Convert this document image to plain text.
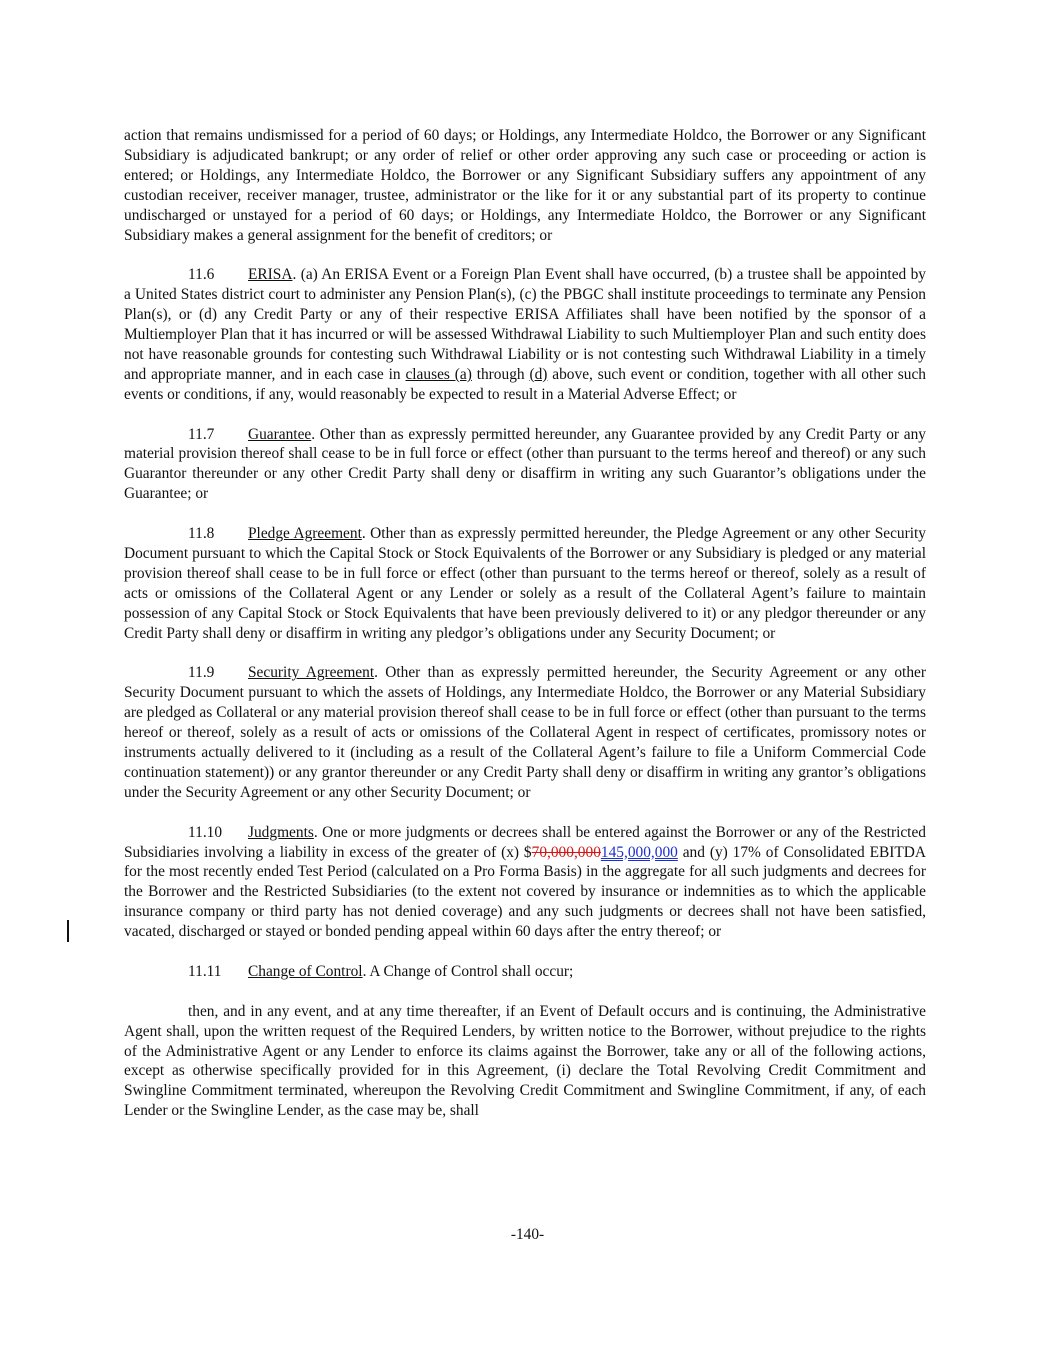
action that remains undismissed for a period of 60 days; or Holdings, any Intermediate Holdco, the Borrower or any Significant Subsidiary is adjudicated bankrupt; or any order of relief or other order approving any such case or proceeding or action is entered; or Holdings, any Intermediate Holdco, the Borrower or any Significant Subsidiary suffers any appointment of any custodian receiver, receiver manager, trustee, administrator or the like for it or any substantial part of its property to continue undischarged or unstayed for a period of 60 days; or Holdings, any Intermediate Holdco, the Borrower or any Significant Subsidiary makes a general assignment for the benefit of creditors; or

11.6 ERISA. (a) An ERISA Event or a Foreign Plan Event shall have occurred, (b) a trustee shall be appointed by a United States district court to administer any Pension Plan(s), (c) the PBGC shall institute proceedings to terminate any Pension Plan(s), or (d) any Credit Party or any of their respective ERISA Affiliates shall have been notified by the sponsor of a Multiemployer Plan that it has incurred or will be assessed Withdrawal Liability to such Multiemployer Plan and such entity does not have reasonable grounds for contesting such Withdrawal Liability or is not contesting such Withdrawal Liability in a timely and appropriate manner, and in each case in clauses (a) through (d) above, such event or condition, together with all other such events or conditions, if any, would reasonably be expected to result in a Material Adverse Effect; or

11.7 Guarantee. Other than as expressly permitted hereunder, any Guarantee provided by any Credit Party or any material provision thereof shall cease to be in full force or effect (other than pursuant to the terms hereof and thereof) or any such Guarantor thereunder or any other Credit Party shall deny or disaffirm in writing any such Guarantor’s obligations under the Guarantee; or

11.8 Pledge Agreement. Other than as expressly permitted hereunder, the Pledge Agreement or any other Security Document pursuant to which the Capital Stock or Stock Equivalents of the Borrower or any Subsidiary is pledged or any material provision thereof shall cease to be in full force or effect (other than pursuant to the terms hereof or thereof, solely as a result of acts or omissions of the Collateral Agent or any Lender or solely as a result of the Collateral Agent’s failure to maintain possession of any Capital Stock or Stock Equivalents that have been previously delivered to it) or any pledgor thereunder or any Credit Party shall deny or disaffirm in writing any pledgor’s obligations under any Security Document; or

11.9 Security Agreement. Other than as expressly permitted hereunder, the Security Agreement or any other Security Document pursuant to which the assets of Holdings, any Intermediate Holdco, the Borrower or any Material Subsidiary are pledged as Collateral or any material provision thereof shall cease to be in full force or effect (other than pursuant to the terms hereof or thereof, solely as a result of acts or omissions of the Collateral Agent in respect of certificates, promissory notes or instruments actually delivered to it (including as a result of the Collateral Agent’s failure to file a Uniform Commercial Code continuation statement)) or any grantor thereunder or any Credit Party shall deny or disaffirm in writing any grantor’s obligations under the Security Agreement or any other Security Document; or

11.10 Judgments. One or more judgments or decrees shall be entered against the Borrower or any of the Restricted Subsidiaries involving a liability in excess of the greater of (x) $70,000,000145,000,000 and (y) 17% of Consolidated EBITDA for the most recently ended Test Period (calculated on a Pro Forma Basis) in the aggregate for all such judgments and decrees for the Borrower and the Restricted Subsidiaries (to the extent not covered by insurance or indemnities as to which the applicable insurance company or third party has not denied coverage) and any such judgments or decrees shall not have been satisfied, vacated, discharged or stayed or bonded pending appeal within 60 days after the entry thereof; or

11.11 Change of Control. A Change of Control shall occur;

then, and in any event, and at any time thereafter, if an Event of Default occurs and is continuing, the Administrative Agent shall, upon the written request of the Required Lenders, by written notice to the Borrower, without prejudice to the rights of the Administrative Agent or any Lender to enforce its claims against the Borrower, take any or all of the following actions, except as otherwise specifically provided for in this Agreement, (i) declare the Total Revolving Credit Commitment and Swingline Commitment terminated, whereupon the Revolving Credit Commitment and Swingline Commitment, if any, of each Lender or the Swingline Lender, as the case may be, shall

-140-
